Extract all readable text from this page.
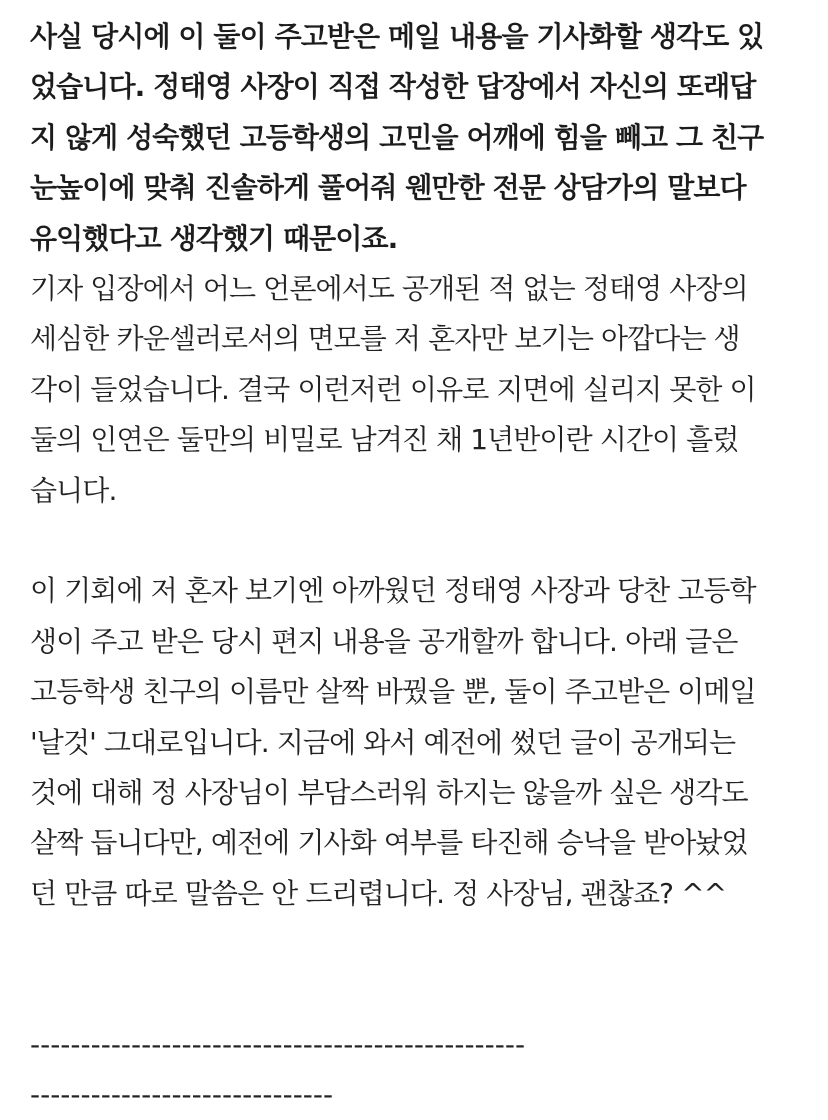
사실 당시에 이 둘이 주고받은 메일 내용을 기사화할 생각도 있
었습니다. 정태영 사장이 직접 작성한 답장에서 자신의 또래답
지 않게 성숙했던 고등학생의 고민을 어깨에 힘을 빼고 그 친구
눈높이에 맞춰 진솔하게 풀어줘 웬만한 전문 상담가의 말보다
유익했다고 생각했기 때문이죠.

기자 입장에서 어느 언론에서도 공개된 적 없는 정태영 사장의
세심한 카운셀러로서의 면모를 저 혼자만 보기는 아깝다는 생
각이 들었습니다. 결국 이런저런 이유로 지면에 실리지 못한 이
둘의 인연은 둘만의 비밀로 남겨진 채 1년반이란 시간이 흘렀
습니다.

이 기회에 저 혼자 보기엔 아까웠던 정태영 사장과 당찬 고등학
생이 주고 받은 당시 편지 내용을 공개할까 합니다. 아래 글은
고등학생 친구의 이름만 살짝 바꿨을 뿐, 둘이 주고받은 이메일
'날것' 그대로입니다. 지금에 와서 예전에 썼던 글이 공개되는
것에 대해 정 사장님이 부담스러워 하지는 않을까 싶은 생각도
살짝 듭니다만, 예전에 기사화 여부를 타진해 승낙을 받아놨었
던 만큼 따로 말씀은 안 드리렵니다. 정 사장님, 괜찮죠? ^^

-------------------------------------------------
------------------------------
